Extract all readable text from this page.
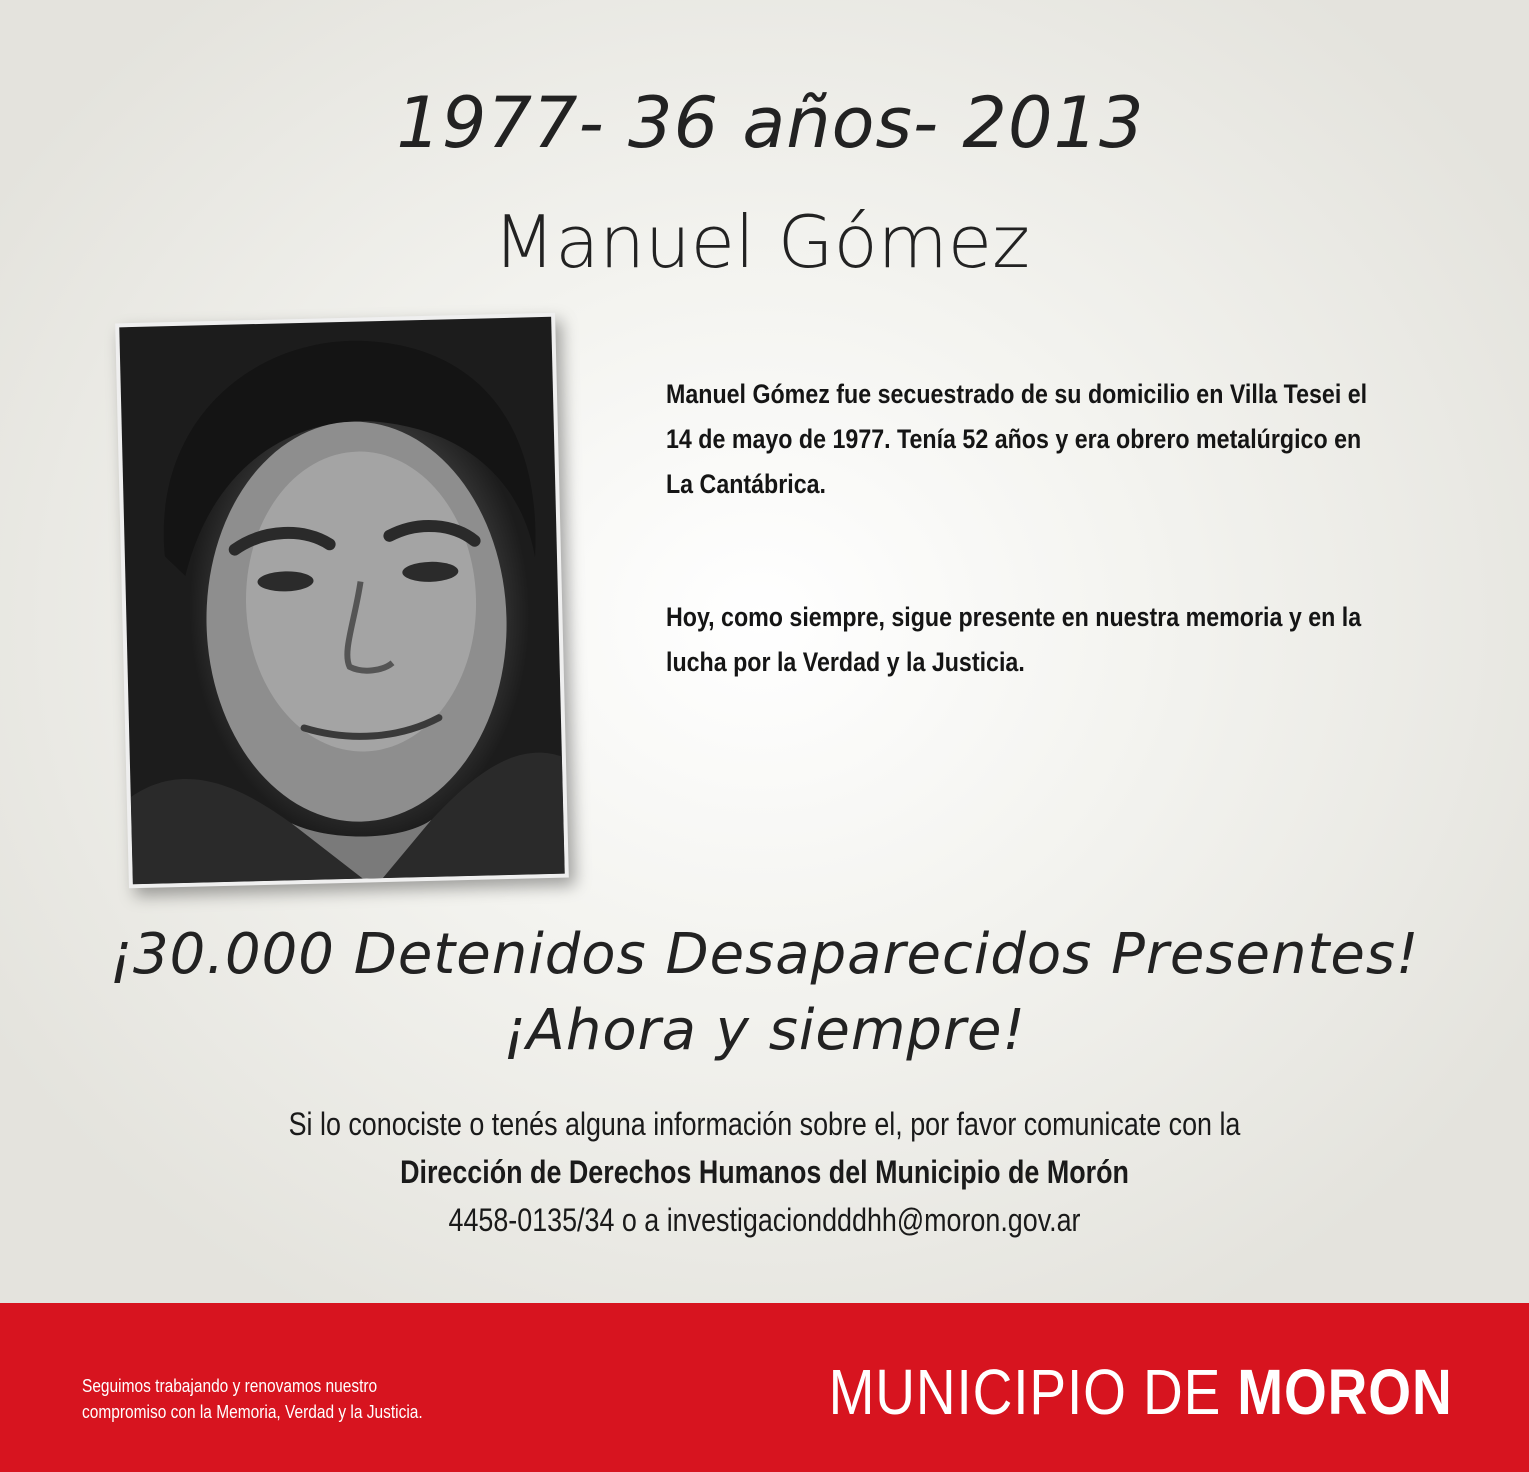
1977- 36 años- 2013
Manuel Gómez

Manuel Gómez fue secuestrado de su domicilio en Villa Tesei el 14 de mayo de 1977. Tenía 52 años y era obrero metalúrgico en La Cantábrica.

Hoy, como siempre, sigue presente en nuestra memoria y en la lucha por la Verdad y la Justicia.

¡30.000 Detenidos Desaparecidos Presentes!
¡Ahora y siempre!
Si lo conociste o tenés alguna información sobre el, por favor comunicate con la
Dirección de Derechos Humanos del Municipio de Morón
4458-0135/34 o a investigaciondddhh@moron.gov.ar
Seguimos trabajando y renovamos nuestro
compromiso con la Memoria, Verdad y la Justicia.	MUNICIPIO DE MORON
